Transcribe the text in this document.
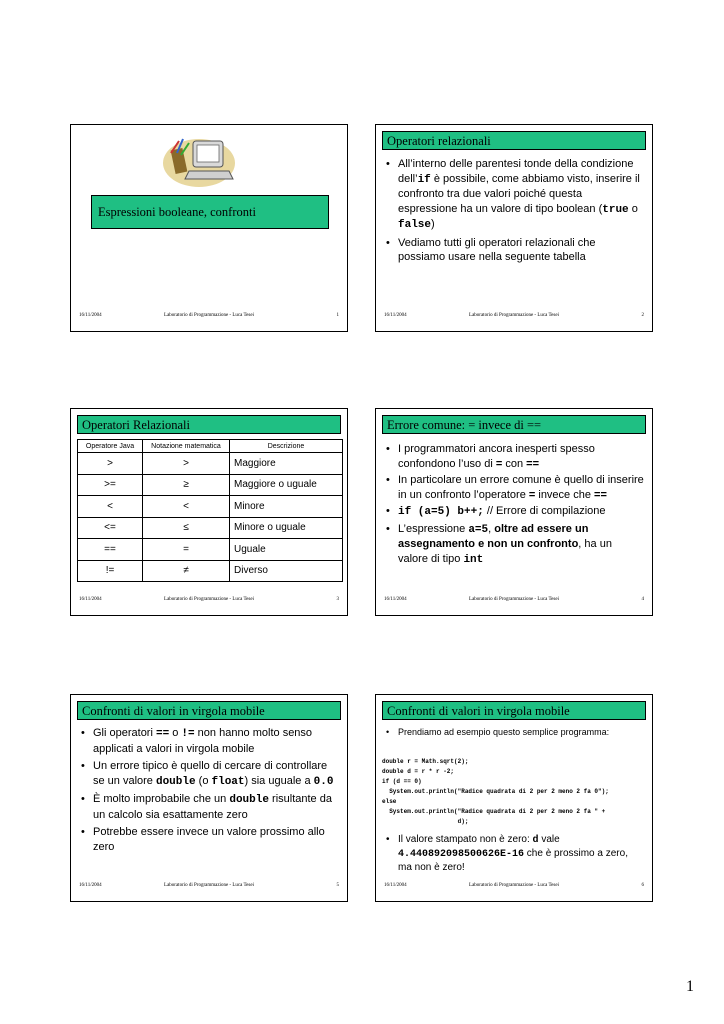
Espressioni booleane, confronti
16/11/2004	Laboratorio di Programmazione - Luca Tesei	1
Operatori relazionali
• All’interno delle parentesi tonde della condizione dell’if è possibile, come abbiamo visto, inserire il confronto tra due valori poiché questa espressione ha un valore di tipo boolean (true o false)
• Vediamo tutti gli operatori relazionali che possiamo usare nella seguente tabella
16/11/2004	Laboratorio di Programmazione - Luca Tesei	2
Operatori Relazionali
Operatore Java	Notazione matematica	Descrizione
>	>	Maggiore
>=	≥	Maggiore o uguale
<	<	Minore
<=	≤	Minore o uguale
==	=	Uguale
!=	≠	Diverso
16/11/2004	Laboratorio di Programmazione - Luca Tesei	3
Errore comune: = invece di ==
• I programmatori ancora inesperti spesso confondono l’uso di = con ==
• In particolare un errore comune è quello di inserire in un confronto l’operatore = invece che ==
• if (a=5) b++; // Errore di compilazione
• L’espressione a=5, oltre ad essere un assegnamento e non un confronto, ha un valore di tipo int
16/11/2004	Laboratorio di Programmazione - Luca Tesei	4
Confronti di valori in virgola mobile
• Gli operatori == o != non hanno molto senso applicati a valori in virgola mobile
• Un errore tipico è quello di cercare di controllare se un valore double (o float) sia uguale a 0.0
• È molto improbabile che un double risultante da un calcolo sia esattamente zero
• Potrebbe essere invece un valore prossimo allo zero
16/11/2004	Laboratorio di Programmazione - Luca Tesei	5
Confronti di valori in virgola mobile
• Prendiamo ad esempio questo semplice programma:
double r = Math.sqrt(2);
double d = r * r -2;
if (d == 0)
System.out.println("Radice quadrata di 2 per 2 meno 2 fa 0");
else
System.out.println("Radice quadrata di 2 per 2 meno 2 fa " +
d);
• Il valore stampato non è zero: d vale 4.440892098500626E-16 che è prossimo a zero, ma non è zero!
16/11/2004	Laboratorio di Programmazione - Luca Tesei	6
1
